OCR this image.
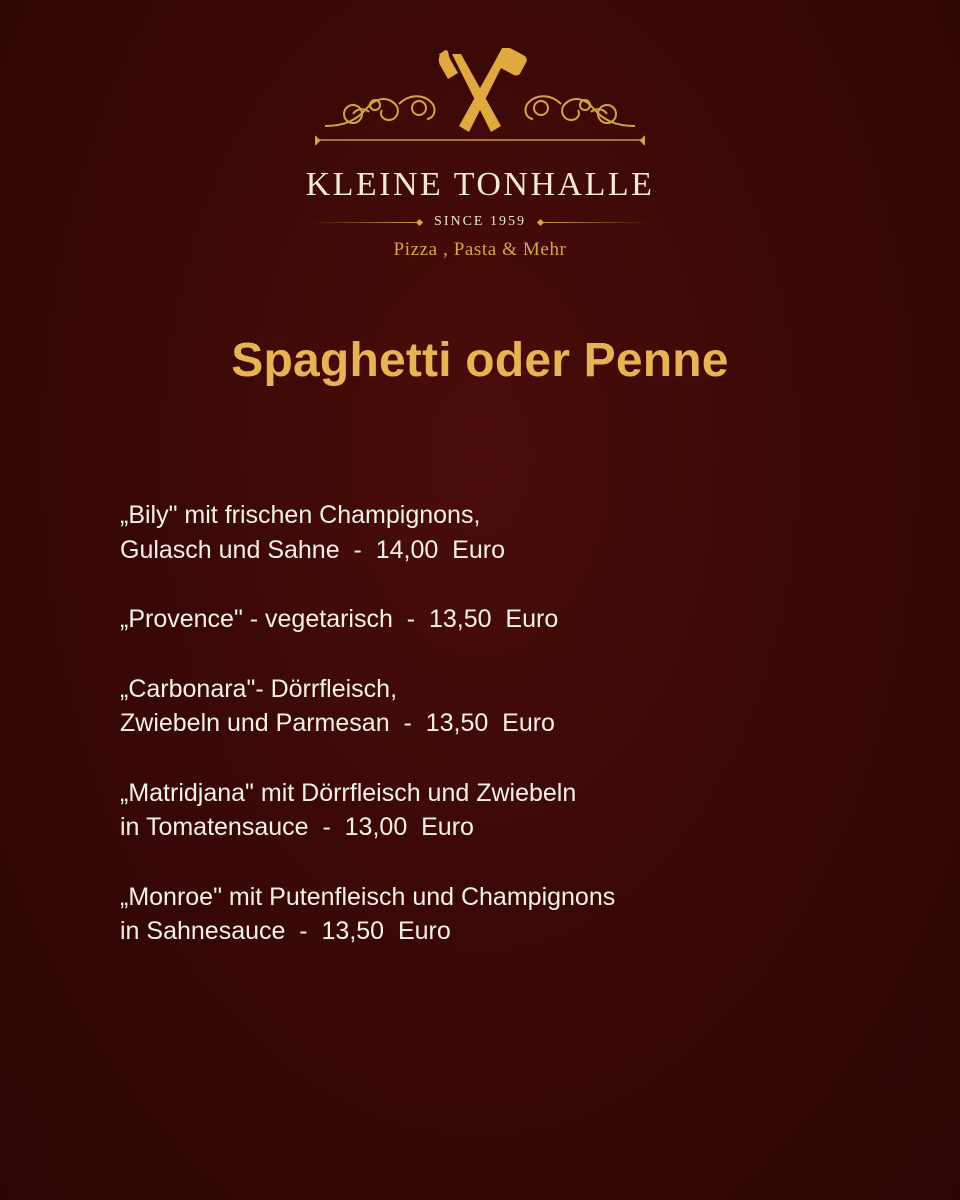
KLEINE TONHALLE
SINCE 1959
Pizza , Pasta & Mehr
Spaghetti oder Penne
„Bily" mit frischen Champignons,
Gulasch und Sahne  -  14,00  Euro
„Provence" - vegetarisch  -  13,50  Euro
„Carbonara"- Dörrfleisch,
Zwiebeln und Parmesan  -  13,50  Euro
„Matridjana" mit Dörrfleisch und Zwiebeln
in Tomatensauce  -  13,00  Euro
„Monroe" mit Putenfleisch und Champignons
in Sahnesauce  -  13,50  Euro
